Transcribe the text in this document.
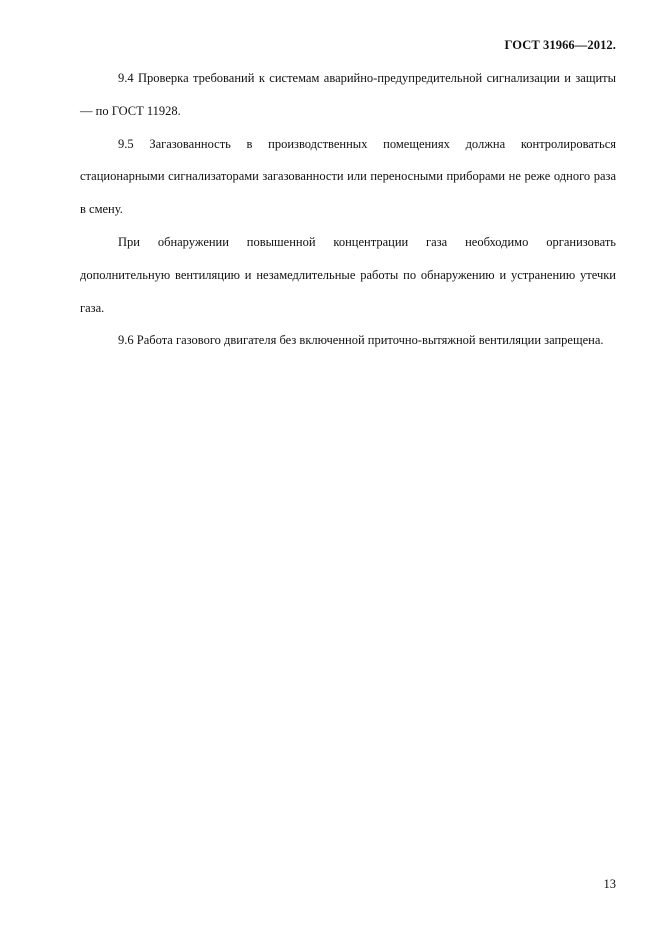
ГОСТ 31966—2012.

9.4 Проверка требований к системам аварийно-предупредительной сигнализации и защиты — по ГОСТ 11928.

9.5 Загазованность в производственных помещениях должна контролироваться стационарными сигнализаторами загазованности или переносными приборами не реже одного раза в смену.

При обнаружении повышенной концентрации газа необходимо организовать дополнительную вентиляцию и незамедлительные работы по обнаружению и устранению утечки газа.

9.6 Работа газового двигателя без включенной приточно-вытяжной вентиляции запрещена.

13
